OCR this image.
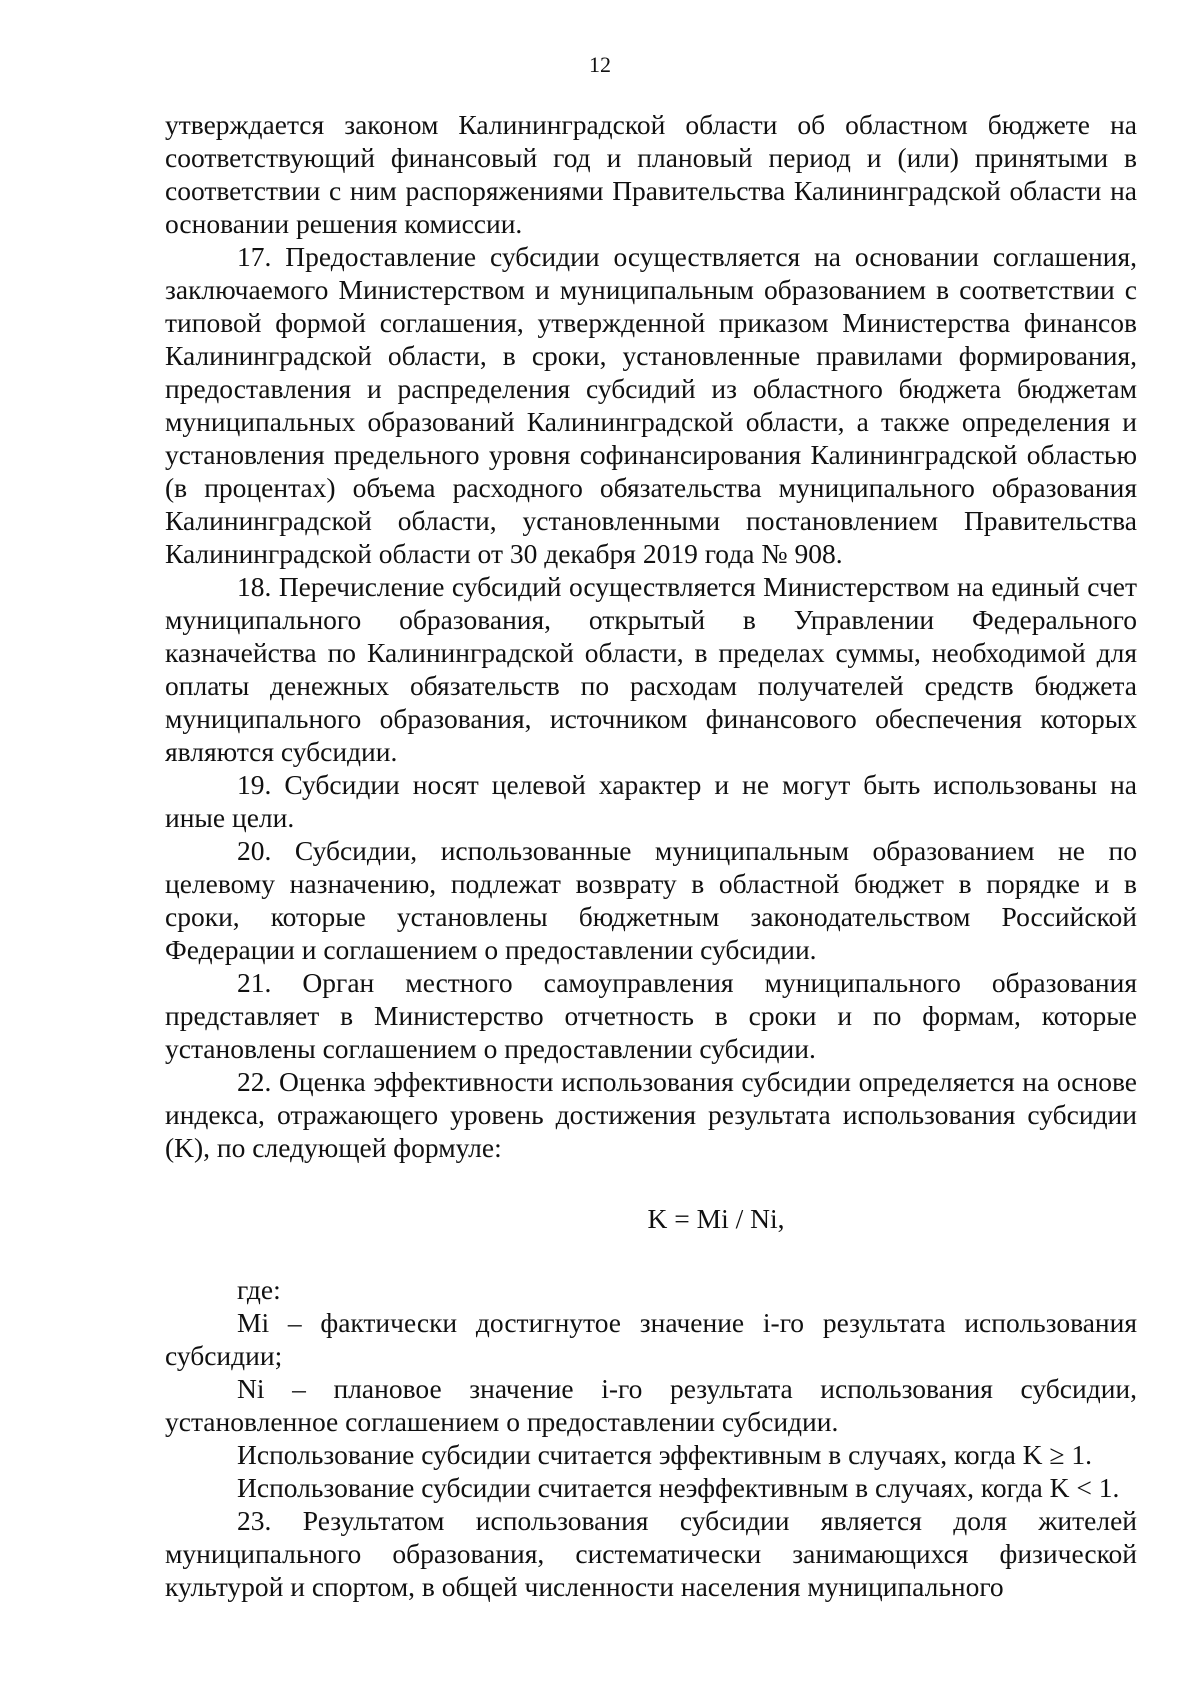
12

утверждается законом Калининградской области об областном бюджете на соответствующий финансовый год и плановый период и (или) принятыми в соответствии с ним распоряжениями Правительства Калининградской области на основании решения комиссии.

17. Предоставление субсидии осуществляется на основании соглашения, заключаемого Министерством и муниципальным образованием в соответствии с типовой формой соглашения, утвержденной приказом Министерства финансов Калининградской области, в сроки, установленные правилами формирования, предоставления и распределения субсидий из областного бюджета бюджетам муниципальных образований Калининградской области, а также определения и установления предельного уровня софинансирования Калининградской областью (в процентах) объема расходного обязательства муниципального образования Калининградской области, установленными постановлением Правительства Калининградской области от 30 декабря 2019 года № 908.

18. Перечисление субсидий осуществляется Министерством на единый счет муниципального образования, открытый в Управлении Федерального казначейства по Калининградской области, в пределах суммы, необходимой для оплаты денежных обязательств по расходам получателей средств бюджета муниципального образования, источником финансового обеспечения которых являются субсидии.

19. Субсидии носят целевой характер и не могут быть использованы на иные цели.

20. Субсидии, использованные муниципальным образованием не по целевому назначению, подлежат возврату в областной бюджет в порядке и в сроки, которые установлены бюджетным законодательством Российской Федерации и соглашением о предоставлении субсидии.

21. Орган местного самоуправления муниципального образования представляет в Министерство отчетность в сроки и по формам, которые установлены соглашением о предоставлении субсидии.

22. Оценка эффективности использования субсидии определяется на основе индекса, отражающего уровень достижения результата использования субсидии (K), по следующей формуле:

K = Mi / Ni,

где:

Mi – фактически достигнутое значение i-го результата использования субсидии;

Ni – плановое значение i-го результата использования субсидии, установленное соглашением о предоставлении субсидии.

Использование субсидии считается эффективным в случаях, когда K ≥ 1.

Использование субсидии считается неэффективным в случаях, когда K < 1.

23. Результатом использования субсидии является доля жителей муниципального образования, систематически занимающихся физической культурой и спортом, в общей численности населения муниципального
